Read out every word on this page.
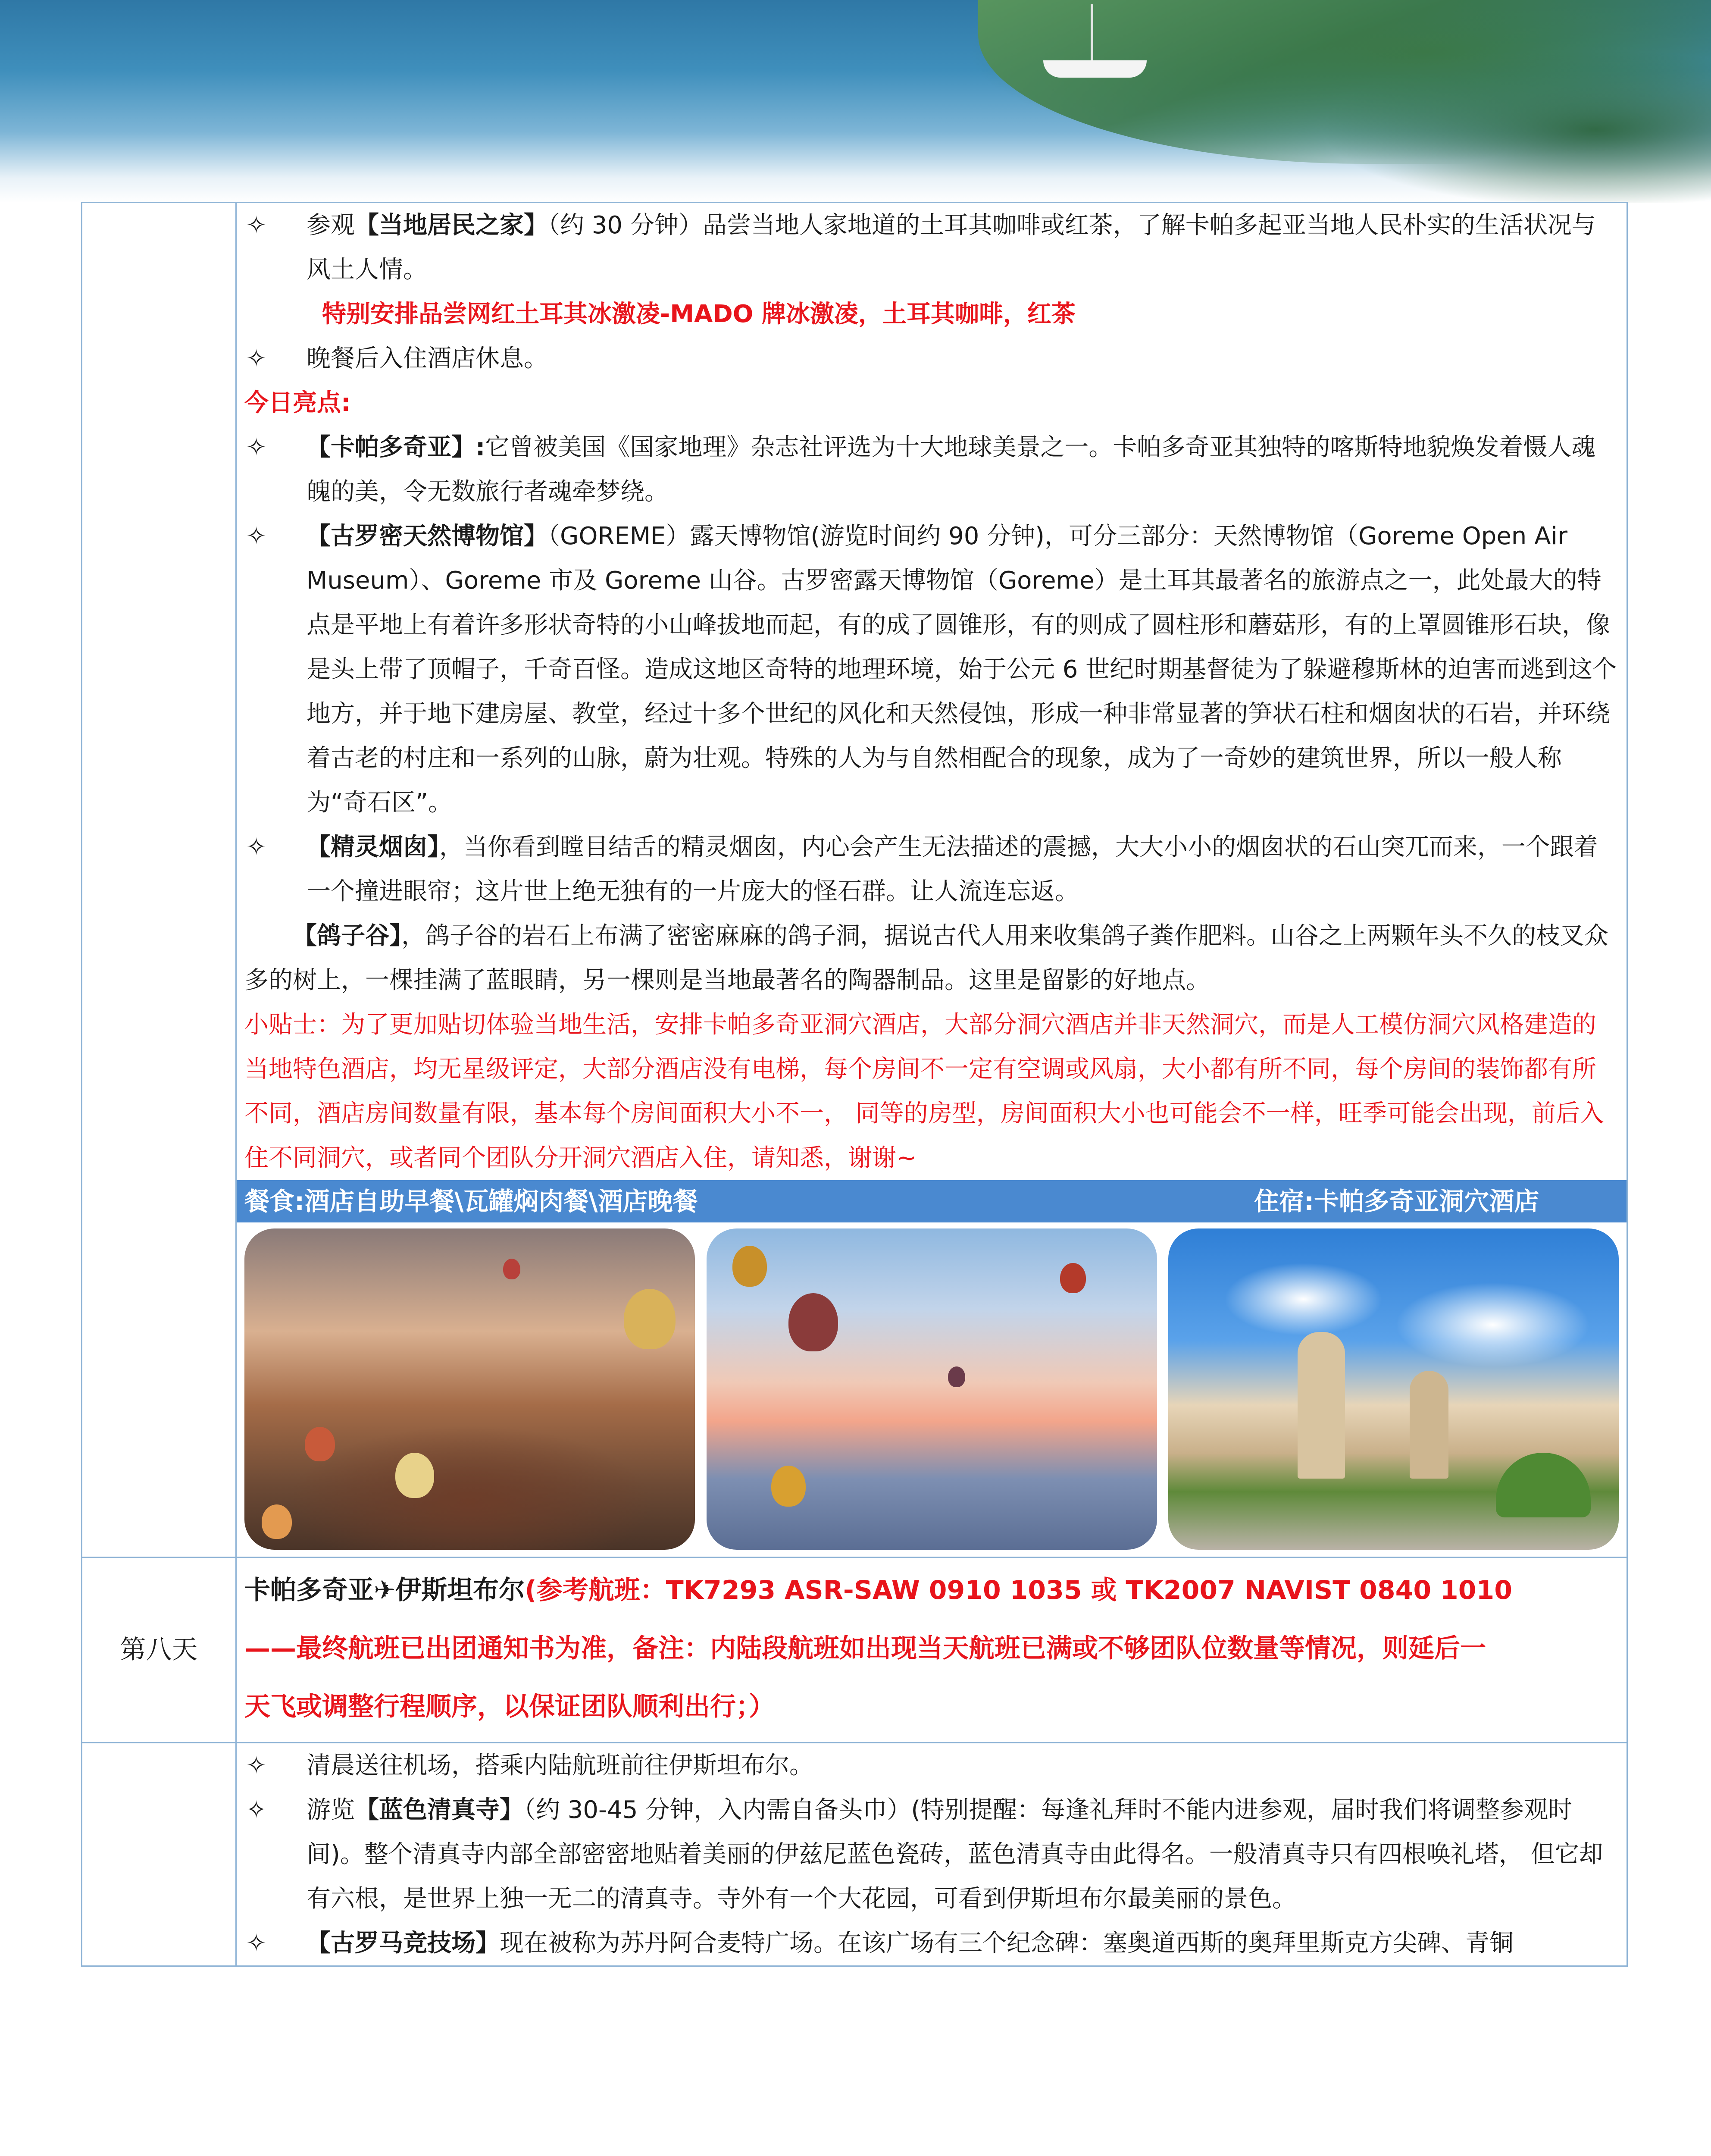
✧	参观【当地居民之家】（约 30 分钟）品尝当地人家地道的土耳其咖啡或红茶，了解卡帕多起亚当地人民朴实的生活状况与风土人情。
特别安排品尝网红土耳其冰激凌-MADO 牌冰激凌，土耳其咖啡，红茶
✧	晚餐后入住酒店休息。
今日亮点:
✧	【卡帕多奇亚】:它曾被美国《国家地理》杂志社评选为十大地球美景之一。卡帕多奇亚其独特的喀斯特地貌焕发着慑人魂魄的美，令无数旅行者魂牵梦绕。
✧	【古罗密天然博物馆】（GOREME）露天博物馆(游览时间约 90 分钟)，可分三部分：天然博物馆（Goreme Open Air Museum）、Goreme 市及 Goreme 山谷。古罗密露天博物馆（Goreme）是土耳其最著名的旅游点之一，此处最大的特点是平地上有着许多形状奇特的小山峰拔地而起，有的成了圆锥形，有的则成了圆柱形和蘑菇形，有的上罩圆锥形石块，像是头上带了顶帽子，千奇百怪。造成这地区奇特的地理环境，始于公元 6 世纪时期基督徒为了躲避穆斯林的迫害而逃到这个地方，并于地下建房屋、教堂，经过十多个世纪的风化和天然侵蚀，形成一种非常显著的笋状石柱和烟囱状的石岩，并环绕着古老的村庄和一系列的山脉，蔚为壮观。特殊的人为与自然相配合的现象，成为了一奇妙的建筑世界，所以一般人称为“奇石区”。
✧	【精灵烟囱】，当你看到瞠目结舌的精灵烟囱，内心会产生无法描述的震撼，大大小小的烟囱状的石山突兀而来，一个跟着一个撞进眼帘；这片世上绝无独有的一片庞大的怪石群。让人流连忘返。
【鸽子谷】，鸽子谷的岩石上布满了密密麻麻的鸽子洞，据说古代人用来收集鸽子粪作肥料。山谷之上两颗年头不久的枝叉众多的树上，一棵挂满了蓝眼睛，另一棵则是当地最著名的陶器制品。这里是留影的好地点。
小贴士：为了更加贴切体验当地生活，安排卡帕多奇亚洞穴酒店，大部分洞穴酒店并非天然洞穴，而是人工模仿洞穴风格建造的当地特色酒店，均无星级评定，大部分酒店没有电梯，每个房间不一定有空调或风扇，大小都有所不同，每个房间的装饰都有所不同，酒店房间数量有限，基本每个房间面积大小不一， 同等的房型，房间面积大小也可能会不一样，旺季可能会出现，前后入住不同洞穴，或者同个团队分开洞穴酒店入住，请知悉，谢谢~
餐食:酒店自助早餐\瓦罐焖肉餐\酒店晚餐	住宿:卡帕多奇亚洞穴酒店
第八天
卡帕多奇亚✈伊斯坦布尔(参考航班：TK7293 ASR-SAW 0910 1035 或 TK2007 NAVIST 0840 1010
——最终航班已出团通知书为准，备注：内陆段航班如出现当天航班已满或不够团队位数量等情况，则延后一
天飞或调整行程顺序，以保证团队顺利出行；）
✧	清晨送往机场，搭乘内陆航班前往伊斯坦布尔。
✧	游览【蓝色清真寺】（约 30-45 分钟，入内需自备头巾）(特别提醒：每逢礼拜时不能内进参观，届时我们将调整参观时间)。整个清真寺内部全部密密地贴着美丽的伊兹尼蓝色瓷砖，蓝色清真寺由此得名。一般清真寺只有四根唤礼塔， 但它却有六根，是世界上独一无二的清真寺。寺外有一个大花园，可看到伊斯坦布尔最美丽的景色。
✧	【古罗马竞技场】现在被称为苏丹阿合麦特广场。在该广场有三个纪念碑：塞奥道西斯的奥拜里斯克方尖碑、青铜
